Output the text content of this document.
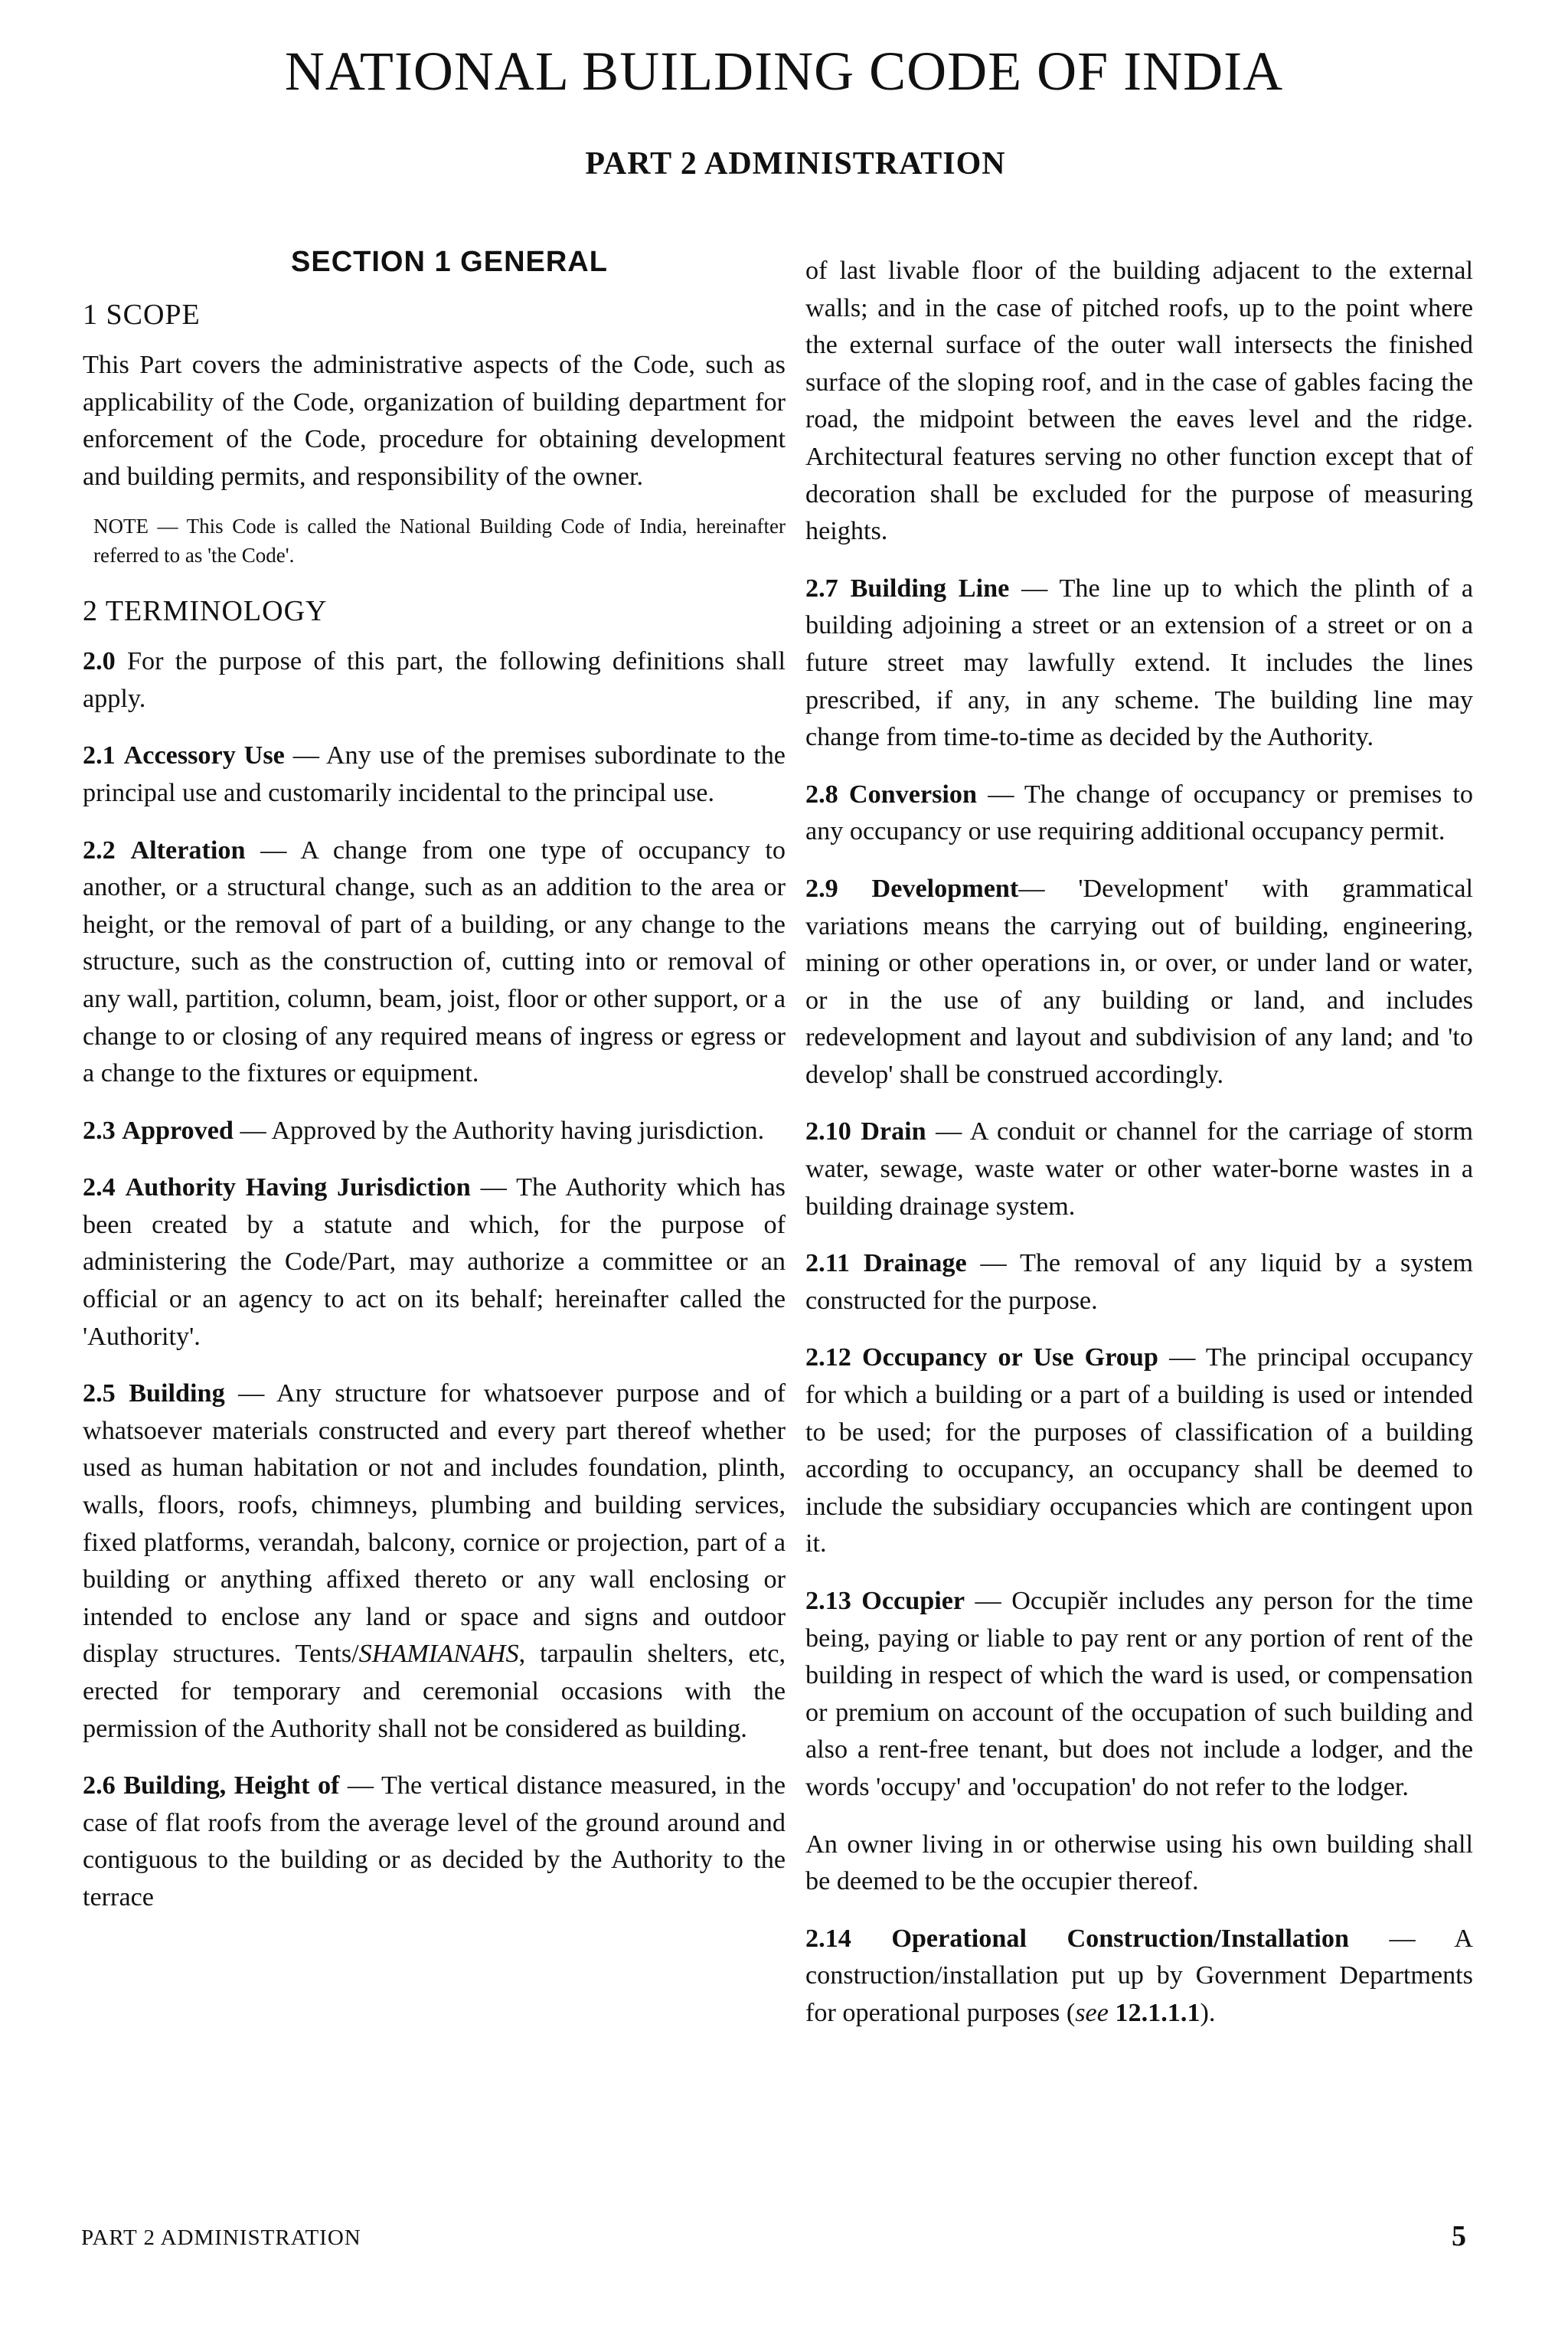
NATIONAL BUILDING CODE OF INDIA
PART 2 ADMINISTRATION
SECTION 1 GENERAL
1 SCOPE

This Part covers the administrative aspects of the Code, such as applicability of the Code, organization of building department for enforcement of the Code, procedure for obtaining development and building permits, and responsibility of the owner.

NOTE — This Code is called the National Building Code of India, hereinafter referred to as 'the Code'.

2 TERMINOLOGY

2.0 For the purpose of this part, the following definitions shall apply.

2.1 Accessory Use — Any use of the premises subordinate to the principal use and customarily incidental to the principal use.

2.2 Alteration — A change from one type of occupancy to another, or a structural change, such as an addition to the area or height, or the removal of part of a building, or any change to the structure, such as the construction of, cutting into or removal of any wall, partition, column, beam, joist, floor or other support, or a change to or closing of any required means of ingress or egress or a change to the fixtures or equipment.

2.3 Approved — Approved by the Authority having jurisdiction.

2.4 Authority Having Jurisdiction — The Authority which has been created by a statute and which, for the purpose of administering the Code/Part, may authorize a committee or an official or an agency to act on its behalf; hereinafter called the 'Authority'.

2.5 Building — Any structure for whatsoever purpose and of whatsoever materials constructed and every part thereof whether used as human habitation or not and includes foundation, plinth, walls, floors, roofs, chimneys, plumbing and building services, fixed platforms, verandah, balcony, cornice or projection, part of a building or anything affixed thereto or any wall enclosing or intended to enclose any land or space and signs and outdoor display structures. Tents/SHAMIANAHS, tarpaulin shelters, etc, erected for temporary and ceremonial occasions with the permission of the Authority shall not be considered as building.

2.6 Building, Height of — The vertical distance measured, in the case of flat roofs from the average level of the ground around and contiguous to the building or as decided by the Authority to the terrace

of last livable floor of the building adjacent to the external walls; and in the case of pitched roofs, up to the point where the external surface of the outer wall intersects the finished surface of the sloping roof, and in the case of gables facing the road, the midpoint between the eaves level and the ridge. Architectural features serving no other function except that of decoration shall be excluded for the purpose of measuring heights.

2.7 Building Line — The line up to which the plinth of a building adjoining a street or an extension of a street or on a future street may lawfully extend. It includes the lines prescribed, if any, in any scheme. The building line may change from time-to-time as decided by the Authority.

2.8 Conversion — The change of occupancy or premises to any occupancy or use requiring additional occupancy permit.

2.9 Development— 'Development' with grammatical variations means the carrying out of building, engineering, mining or other operations in, or over, or under land or water, or in the use of any building or land, and includes redevelopment and layout and subdivision of any land; and 'to develop' shall be construed accordingly.

2.10 Drain — A conduit or channel for the carriage of storm water, sewage, waste water or other water-borne wastes in a building drainage system.

2.11 Drainage — The removal of any liquid by a system constructed for the purpose.

2.12 Occupancy or Use Group — The principal occupancy for which a building or a part of a building is used or intended to be used; for the purposes of classification of a building according to occupancy, an occupancy shall be deemed to include the subsidiary occupancies which are contingent upon it.

2.13 Occupier — Occupiěr includes any person for the time being, paying or liable to pay rent or any portion of rent of the building in respect of which the ward is used, or compensation or premium on account of the occupation of such building and also a rent-free tenant, but does not include a lodger, and the words 'occupy' and 'occupation' do not refer to the lodger.

An owner living in or otherwise using his own building shall be deemed to be the occupier thereof.

2.14 Operational Construction/Installation — A construction/installation put up by Government Departments for operational purposes (see 12.1.1.1).

PART 2 ADMINISTRATION	5
